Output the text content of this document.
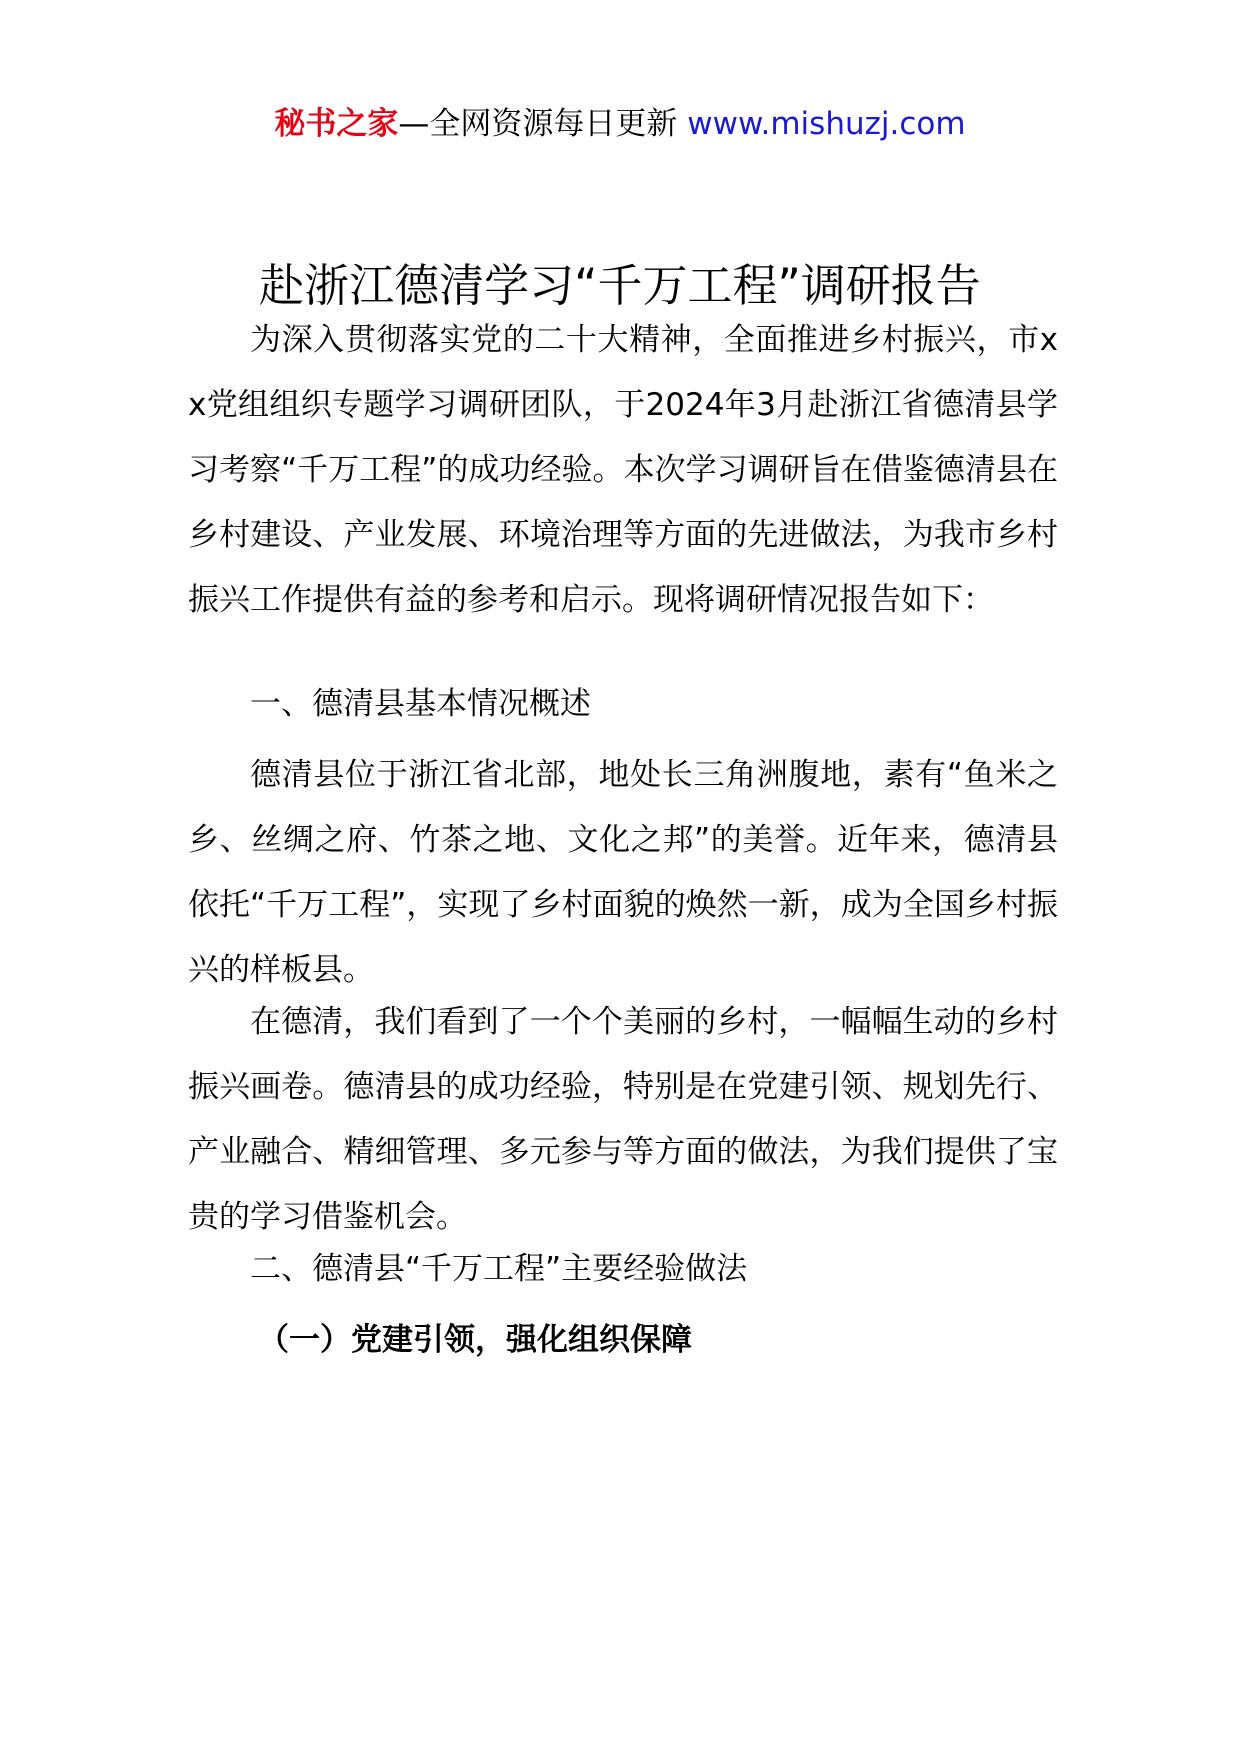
秘书之家—全网资源每日更新 www.mishuzj.com
赴浙江德清学习“千万工程”调研报告

为深入贯彻落实党的二十大精神，全面推进乡村振兴，市xx党组组织专题学习调研团队，于2024年3月赴浙江省德清县学习考察“千万工程”的成功经验。本次学习调研旨在借鉴德清县在乡村建设、产业发展、环境治理等方面的先进做法，为我市乡村振兴工作提供有益的参考和启示。现将调研情况报告如下：

一、德清县基本情况概述

德清县位于浙江省北部，地处长三角洲腹地，素有“鱼米之乡、丝绸之府、竹茶之地、文化之邦”的美誉。近年来，德清县依托“千万工程”，实现了乡村面貌的焕然一新，成为全国乡村振兴的样板县。

在德清，我们看到了一个个美丽的乡村，一幅幅生动的乡村振兴画卷。德清县的成功经验，特别是在党建引领、规划先行、产业融合、精细管理、多元参与等方面的做法，为我们提供了宝贵的学习借鉴机会。

二、德清县“千万工程”主要经验做法

（一）党建引领，强化组织保障
